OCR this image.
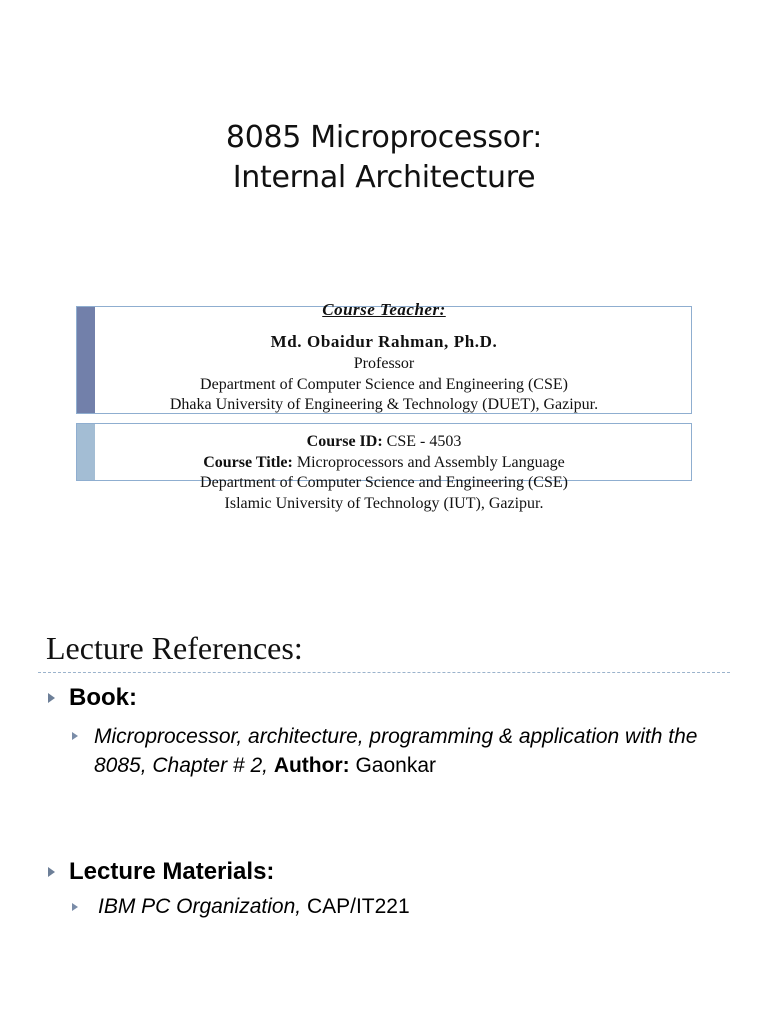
8085 Microprocessor:
Internal Architecture
Course Teacher:
Md. Obaidur Rahman, Ph.D.
Professor
Department of Computer Science and Engineering (CSE)
Dhaka University of Engineering & Technology (DUET), Gazipur.
Course ID: CSE - 4503
Course Title: Microprocessors and Assembly Language
Department of Computer Science and Engineering (CSE)
Islamic University of Technology (IUT), Gazipur.
Lecture References:
Book:
Microprocessor, architecture, programming & application with the
8085, Chapter # 2, Author: Gaonkar
Lecture Materials:
IBM PC Organization, CAP/IT221
